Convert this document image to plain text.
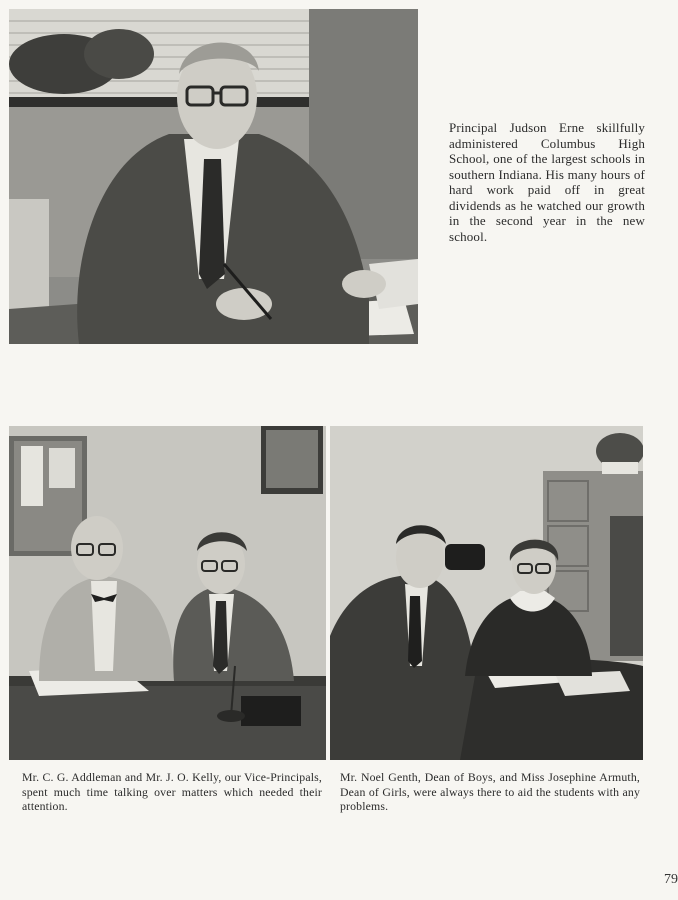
Principal Judson Erne skillfully administered Columbus High School, one of the largest schools in southern Indiana. His many hours of hard work paid off in great dividends as he watched our growth in the second year in the new school.
Mr. C. G. Addleman and Mr. J. O. Kelly, our Vice-Principals, spent much time talking over matters which needed their attention.
Mr. Noel Genth, Dean of Boys, and Miss Josephine Armuth, Dean of Girls, were always there to aid the students with any problems.
79
